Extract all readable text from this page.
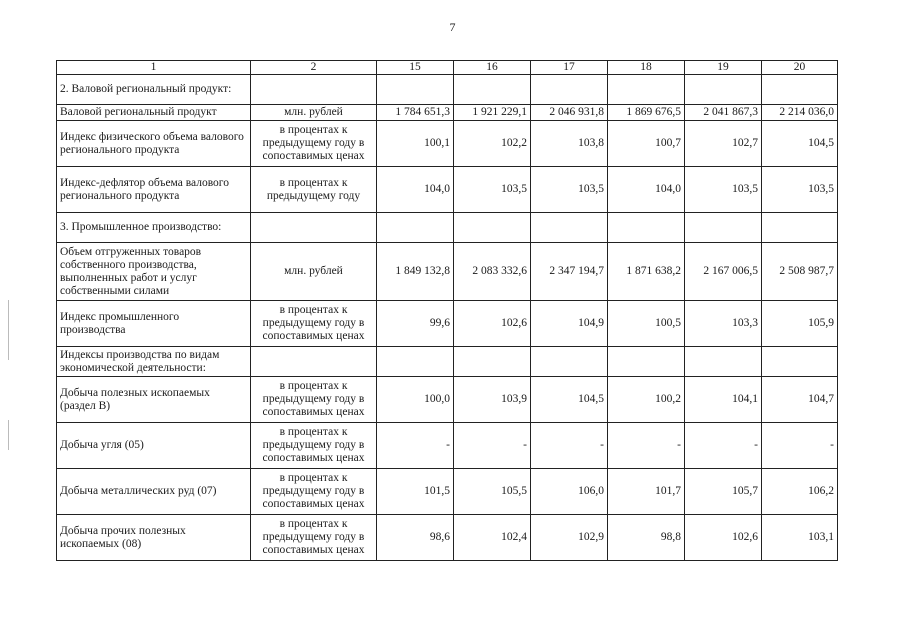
7
1	2	15	16	17	18	19	20
2. Валовой региональный продукт:							
Валовой региональный продукт	млн. рублей	1 784 651,3	1 921 229,1	2 046 931,8	1 869 676,5	2 041 867,3	2 214 036,0
Индекс физического объема валового регионального продукта	в процентах к предыдущему году в сопоставимых ценах	100,1	102,2	103,8	100,7	102,7	104,5
Индекс-дефлятор объема валового регионального продукта	в процентах к предыдущему году	104,0	103,5	103,5	104,0	103,5	103,5
3. Промышленное производство:							
Объем отгруженных товаров собственного производства, выполненных работ и услуг собственными силами	млн. рублей	1 849 132,8	2 083 332,6	2 347 194,7	1 871 638,2	2 167 006,5	2 508 987,7
Индекс промышленного производства	в процентах к предыдущему году в сопоставимых ценах	99,6	102,6	104,9	100,5	103,3	105,9
Индексы производства по видам экономической деятельности:							
Добыча полезных ископаемых (раздел B)	в процентах к предыдущему году в сопоставимых ценах	100,0	103,9	104,5	100,2	104,1	104,7
Добыча угля (05)	в процентах к предыдущему году в сопоставимых ценах	-	-	-	-	-	-
Добыча металлических руд (07)	в процентах к предыдущему году в сопоставимых ценах	101,5	105,5	106,0	101,7	105,7	106,2
Добыча прочих полезных ископаемых (08)	в процентах к предыдущему году в сопоставимых ценах	98,6	102,4	102,9	98,8	102,6	103,1
